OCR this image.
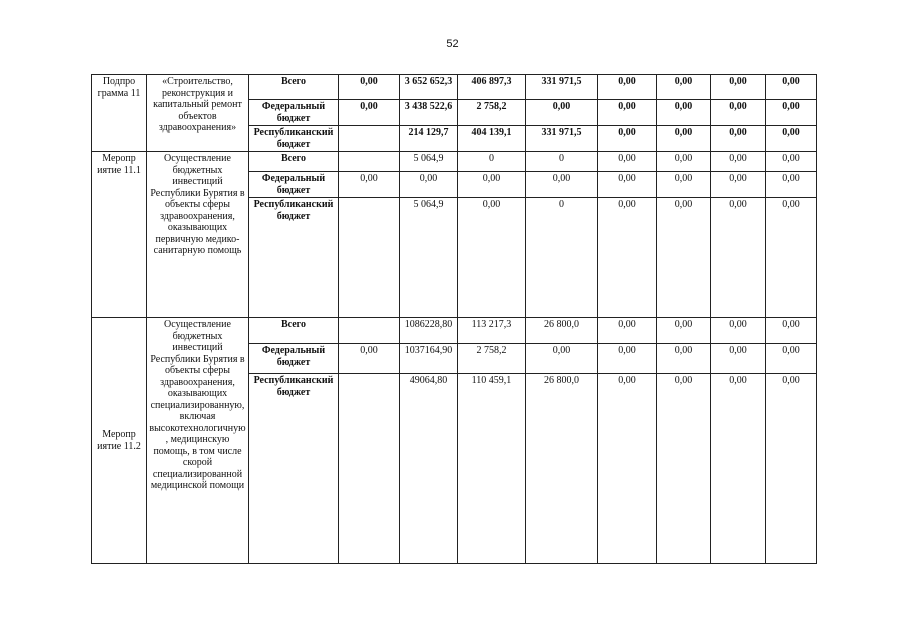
52
Подпро грамма 11	«Строительство, реконструкция и капитальный ремонт объектов здравоохранения»	Всего	0,00	3 652 652,3	406 897,3	331 971,5	0,00	0,00	0,00	0,00
		Федеральный бюджет	0,00	3 438 522,6	2 758,2	0,00	0,00	0,00	0,00	0,00
		Республиканский бюджет		214 129,7	404 139,1	331 971,5	0,00	0,00	0,00	0,00
Меропр иятие 11.1	Осуществление бюджетных инвестиций Республики Бурятия в объекты сферы здравоохранения, оказывающих первичную медико-санитарную помощь	Всего		5 064,9	0	0	0,00	0,00	0,00	0,00
		Федеральный бюджет	0,00	0,00	0,00	0,00	0,00	0,00	0,00	0,00
		Республиканский бюджет		5 064,9	0,00	0	0,00	0,00	0,00	0,00
Меропр иятие 11.2	Осуществление бюджетных инвестиций Республики Бурятия в объекты сферы здравоохранения, оказывающих специализированную, включая высокотехнологичную, медицинскую помощь, в том числе скорой специализированной медицинской помощи	Всего		1086228,80	113 217,3	26 800,0	0,00	0,00	0,00	0,00
		Федеральный бюджет	0,00	1037164,90	2 758,2	0,00	0,00	0,00	0,00	0,00
		Республиканский бюджет		49064,80	110 459,1	26 800,0	0,00	0,00	0,00	0,00
